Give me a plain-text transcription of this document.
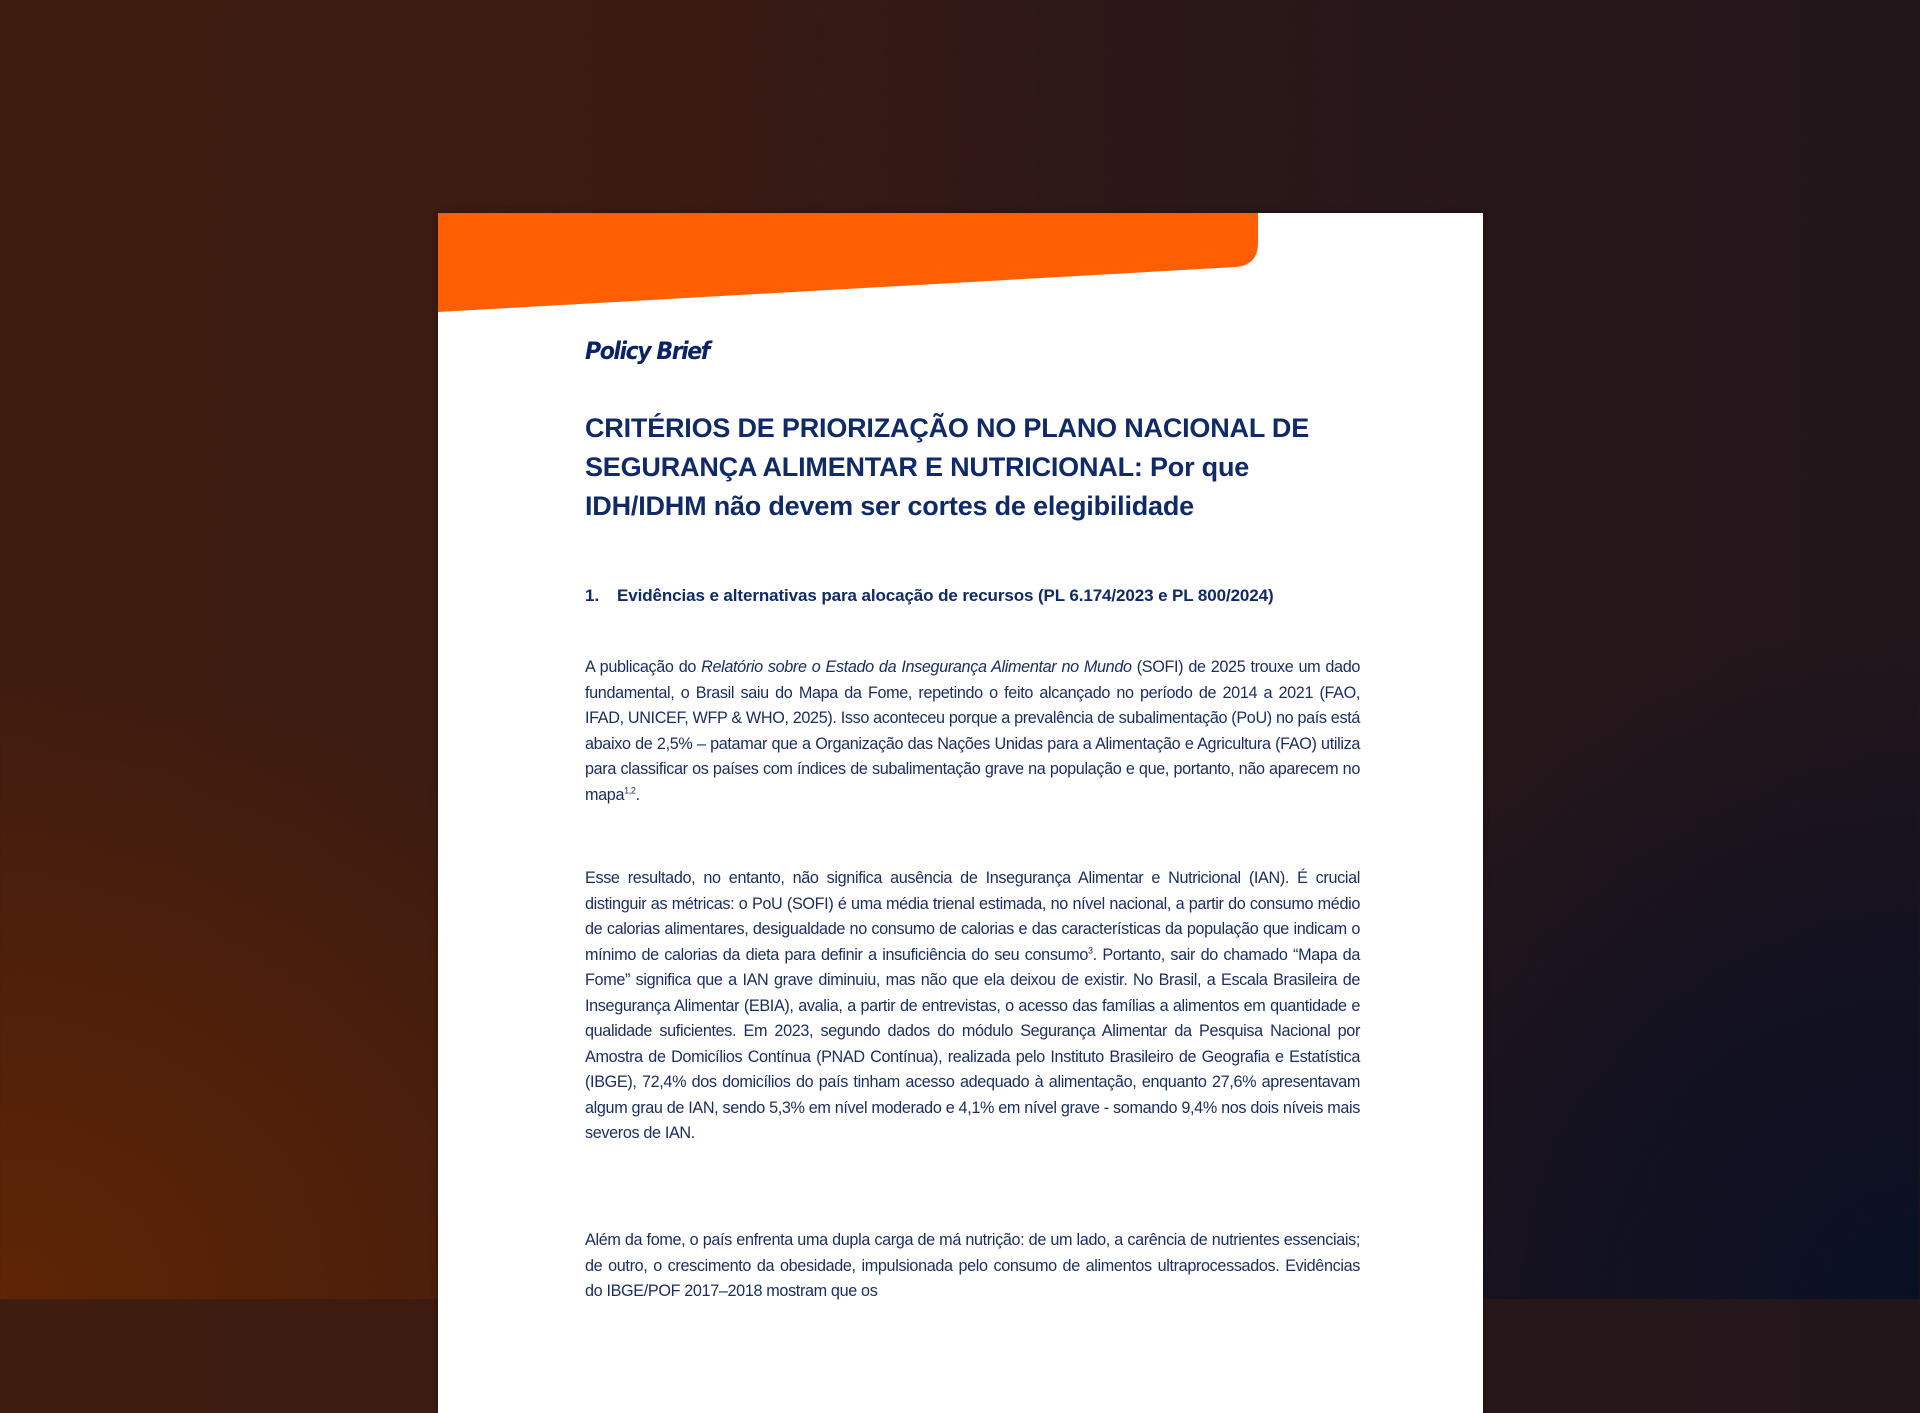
Policy Brief
CRITÉRIOS DE PRIORIZAÇÃO NO PLANO NACIONAL DE SEGURANÇA ALIMENTAR E NUTRICIONAL: Por que IDH/IDHM não devem ser cortes de elegibilidade
1.	Evidências e alternativas para alocação de recursos (PL 6.174/2023 e PL 800/2024)

A publicação do Relatório sobre o Estado da Insegurança Alimentar no Mundo (SOFI) de 2025 trouxe um dado fundamental, o Brasil saiu do Mapa da Fome, repetindo o feito alcançado no período de 2014 a 2021 (FAO, IFAD, UNICEF, WFP & WHO, 2025). Isso aconteceu porque a prevalência de subalimentação (PoU) no país está abaixo de 2,5% – patamar que a Organização das Nações Unidas para a Alimentação e Agricultura (FAO) utiliza para classificar os países com índices de subalimentação grave na população e que, portanto, não aparecem no mapa$^{1,2}$.

Esse resultado, no entanto, não significa ausência de Insegurança Alimentar e Nutricional (IAN). É crucial distinguir as métricas: o PoU (SOFI) é uma média trienal estimada, no nível nacional, a partir do consumo médio de calorias alimentares, desigualdade no consumo de calorias e das características da população que indicam o mínimo de calorias da dieta para definir a insuficiência do seu consumo$^3$. Portanto, sair do chamado “Mapa da Fome” significa que a IAN grave diminuiu, mas não que ela deixou de existir. No Brasil, a Escala Brasileira de Insegurança Alimentar (EBIA), avalia, a partir de entrevistas, o acesso das famílias a alimentos em quantidade e qualidade suficientes. Em 2023, segundo dados do módulo Segurança Alimentar da Pesquisa Nacional por Amostra de Domicílios Contínua (PNAD Contínua), realizada pelo Instituto Brasileiro de Geografia e Estatística (IBGE), 72,4% dos domicílios do país tinham acesso adequado à alimentação, enquanto 27,6% apresentavam algum grau de IAN, sendo 5,3% em nível moderado e 4,1% em nível grave - somando 9,4% nos dois níveis mais severos de IAN.

Além da fome, o país enfrenta uma dupla carga de má nutrição: de um lado, a carência de nutrientes essenciais; de outro, o crescimento da obesidade, impulsionada pelo consumo de alimentos ultraprocessados. Evidências do IBGE/POF 2017–2018 mostram que os
